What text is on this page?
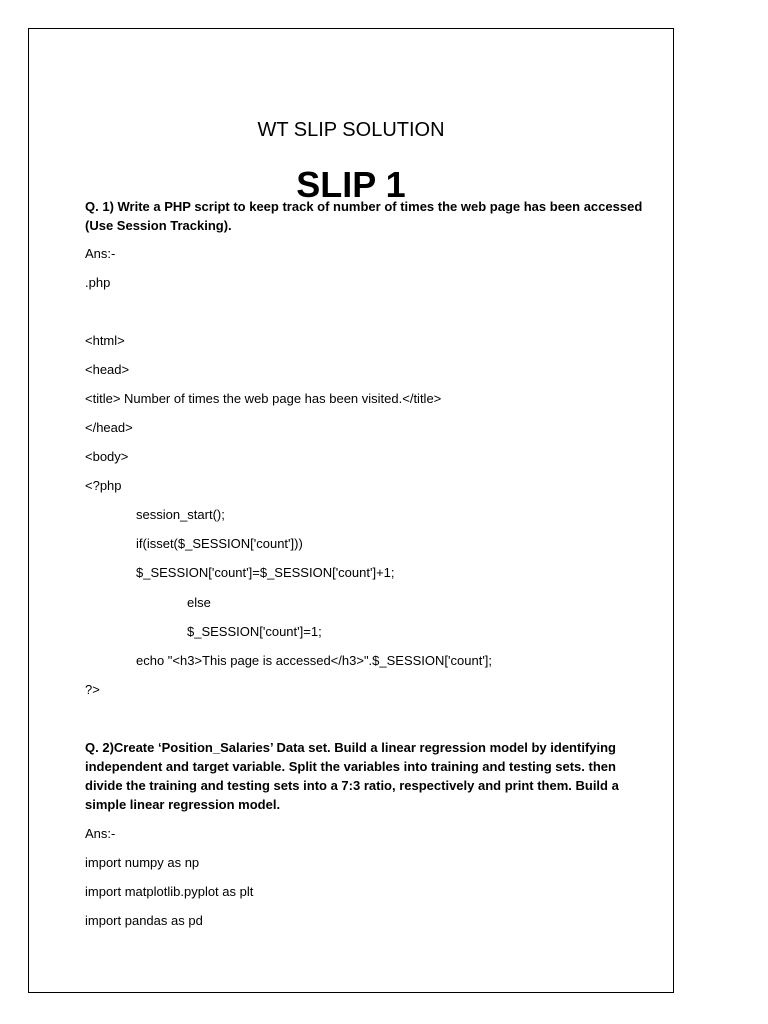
WT SLIP SOLUTION
SLIP 1
Q. 1) Write a PHP script to keep track of number of times the web page has been accessed
(Use Session Tracking).
Ans:-
.php
<html>
<head>
<title> Number of times the web page has been visited.</title>
</head>
<body>
<?php
session_start();
if(isset($_SESSION['count']))
$_SESSION['count']=$_SESSION['count']+1;
else
$_SESSION['count']=1;
echo "<h3>This page is accessed</h3>".$_SESSION['count'];
?>
Q. 2)Create ‘Position_Salaries’ Data set. Build a linear regression model by identifying
independent and target variable. Split the variables into training and testing sets. then
divide the training and testing sets into a 7:3 ratio, respectively and print them. Build a
simple linear regression model.
Ans:-
import numpy as np
import matplotlib.pyplot as plt
import pandas as pd
